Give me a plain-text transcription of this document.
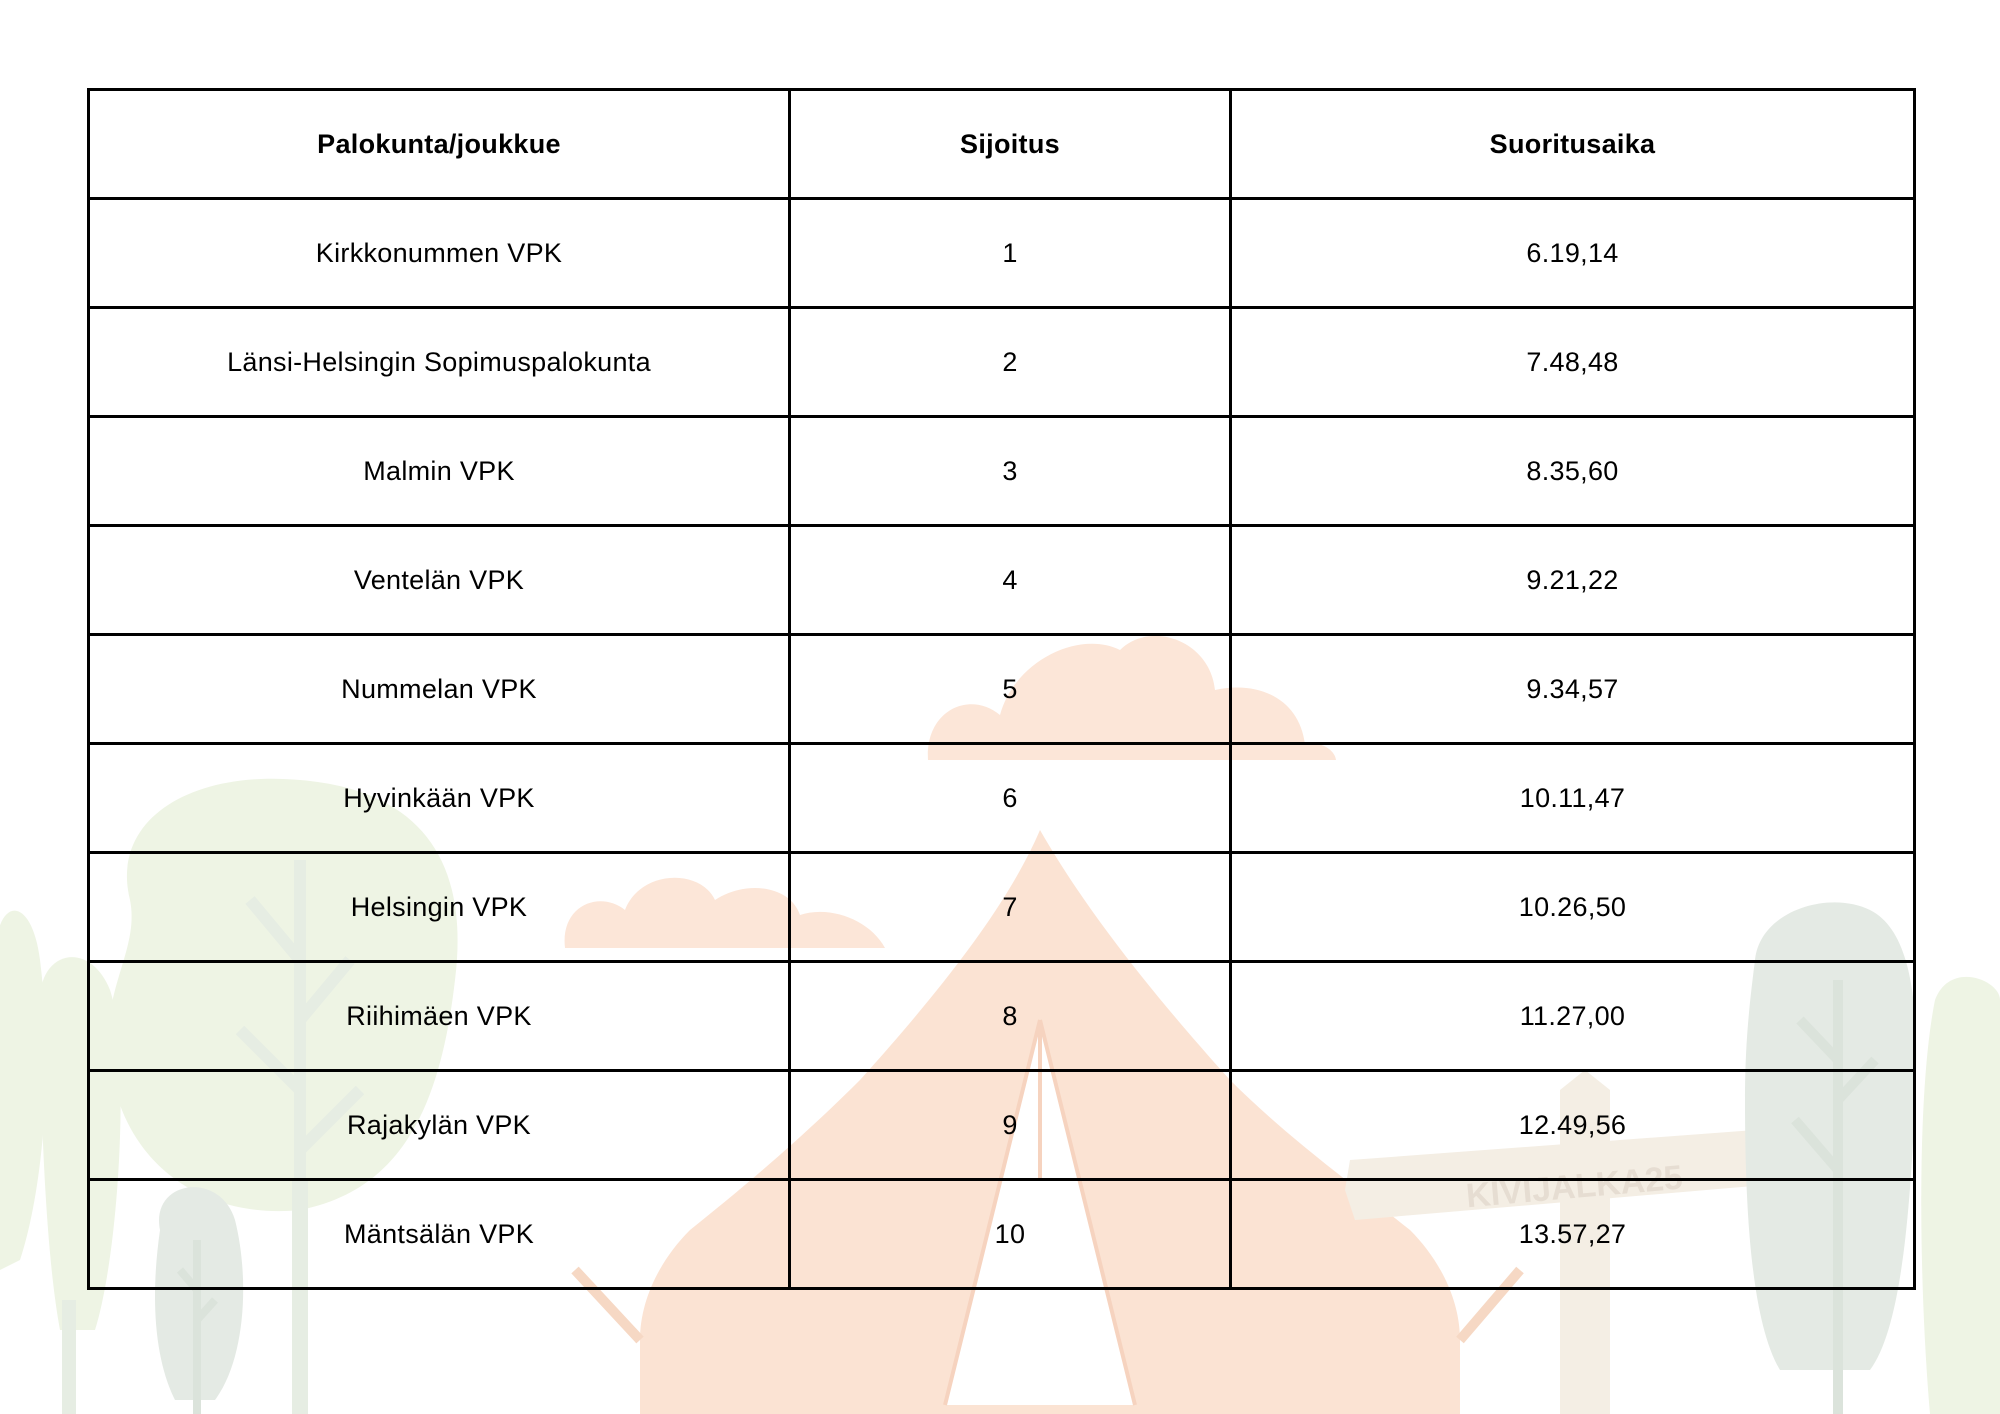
KIVIJALKA25
Palokunta/joukkue	Sijoitus	Suoritusaika
Kirkkonummen VPK	1	6.19,14
Länsi-Helsingin Sopimuspalokunta	2	7.48,48
Malmin VPK	3	8.35,60
Ventelän VPK	4	9.21,22
Nummelan VPK	5	9.34,57
Hyvinkään VPK	6	10.11,47
Helsingin VPK	7	10.26,50
Riihimäen VPK	8	11.27,00
Rajakylän VPK	9	12.49,56
Mäntsälän VPK	10	13.57,27
